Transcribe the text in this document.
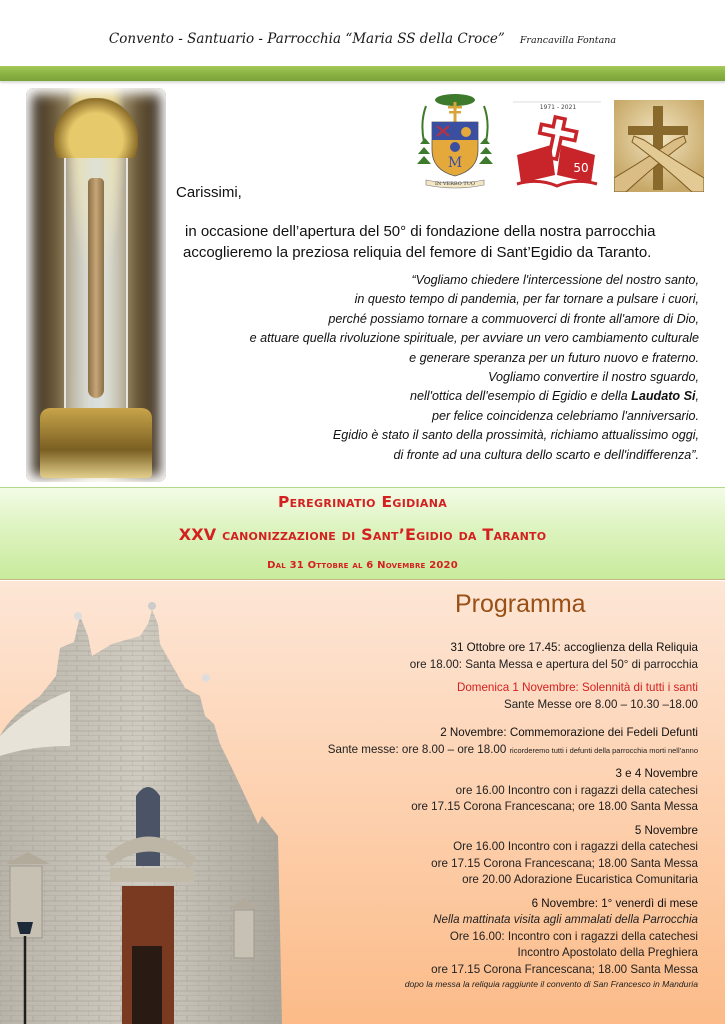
Convento - Santuario - Parrocchia “Maria SS della Croce” Francavilla Fontana
M
IN VERBO TUO
1971 - 2021
50
Carissimi,
in occasione dell’apertura del 50° di fondazione della nostra parrocchia
accoglieremo la preziosa reliquia del femore di Sant’Egidio da Taranto.
“Vogliamo chiedere l'intercessione del nostro santo,
in questo tempo di pandemia, per far tornare a pulsare i cuori,
perché possiamo tornare a commuoverci di fronte all'amore di Dio,
e attuare quella rivoluzione spirituale, per avviare un vero cambiamento culturale
e generare speranza per un futuro nuovo e fraterno.
Vogliamo convertire il nostro sguardo,
nell'ottica dell'esempio di Egidio e della Laudato Si,
per felice coincidenza celebriamo l'anniversario.
Egidio è stato il santo della prossimità, richiamo attualissimo oggi,
di fronte ad una cultura dello scarto e dell'indifferenza”.
Peregrinatio Egidiana
XXV canonizzazione di Sant’Egidio da Taranto
Dal 31 Ottobre al 6 Novembre 2020
Programma
31 Ottobre ore 17.45: accoglienza della Reliquia
ore 18.00: Santa Messa e apertura del 50° di parrocchia
Domenica 1 Novembre: Solennità di tutti i santi
Sante Messe ore 8.00 – 10.30 –18.00
2 Novembre: Commemorazione dei Fedeli Defunti
Sante messe: ore 8.00 – ore 18.00 ricorderemo tutti i defunti della parrocchia morti nell’anno
3 e 4 Novembre
ore 16.00 Incontro con i ragazzi della catechesi
ore 17.15 Corona Francescana; ore 18.00 Santa Messa
5 Novembre
Ore 16.00 Incontro con i ragazzi della catechesi
ore 17.15 Corona Francescana; 18.00 Santa Messa
ore 20.00 Adorazione Eucaristica Comunitaria
6 Novembre: 1° venerdì di mese
Nella mattinata visita agli ammalati della Parrocchia
Ore 16.00: Incontro con i ragazzi della catechesi
Incontro Apostolato della Preghiera
ore 17.15 Corona Francescana; 18.00 Santa Messa
dopo la messa la reliquia raggiunte il convento di San Francesco in Manduria
